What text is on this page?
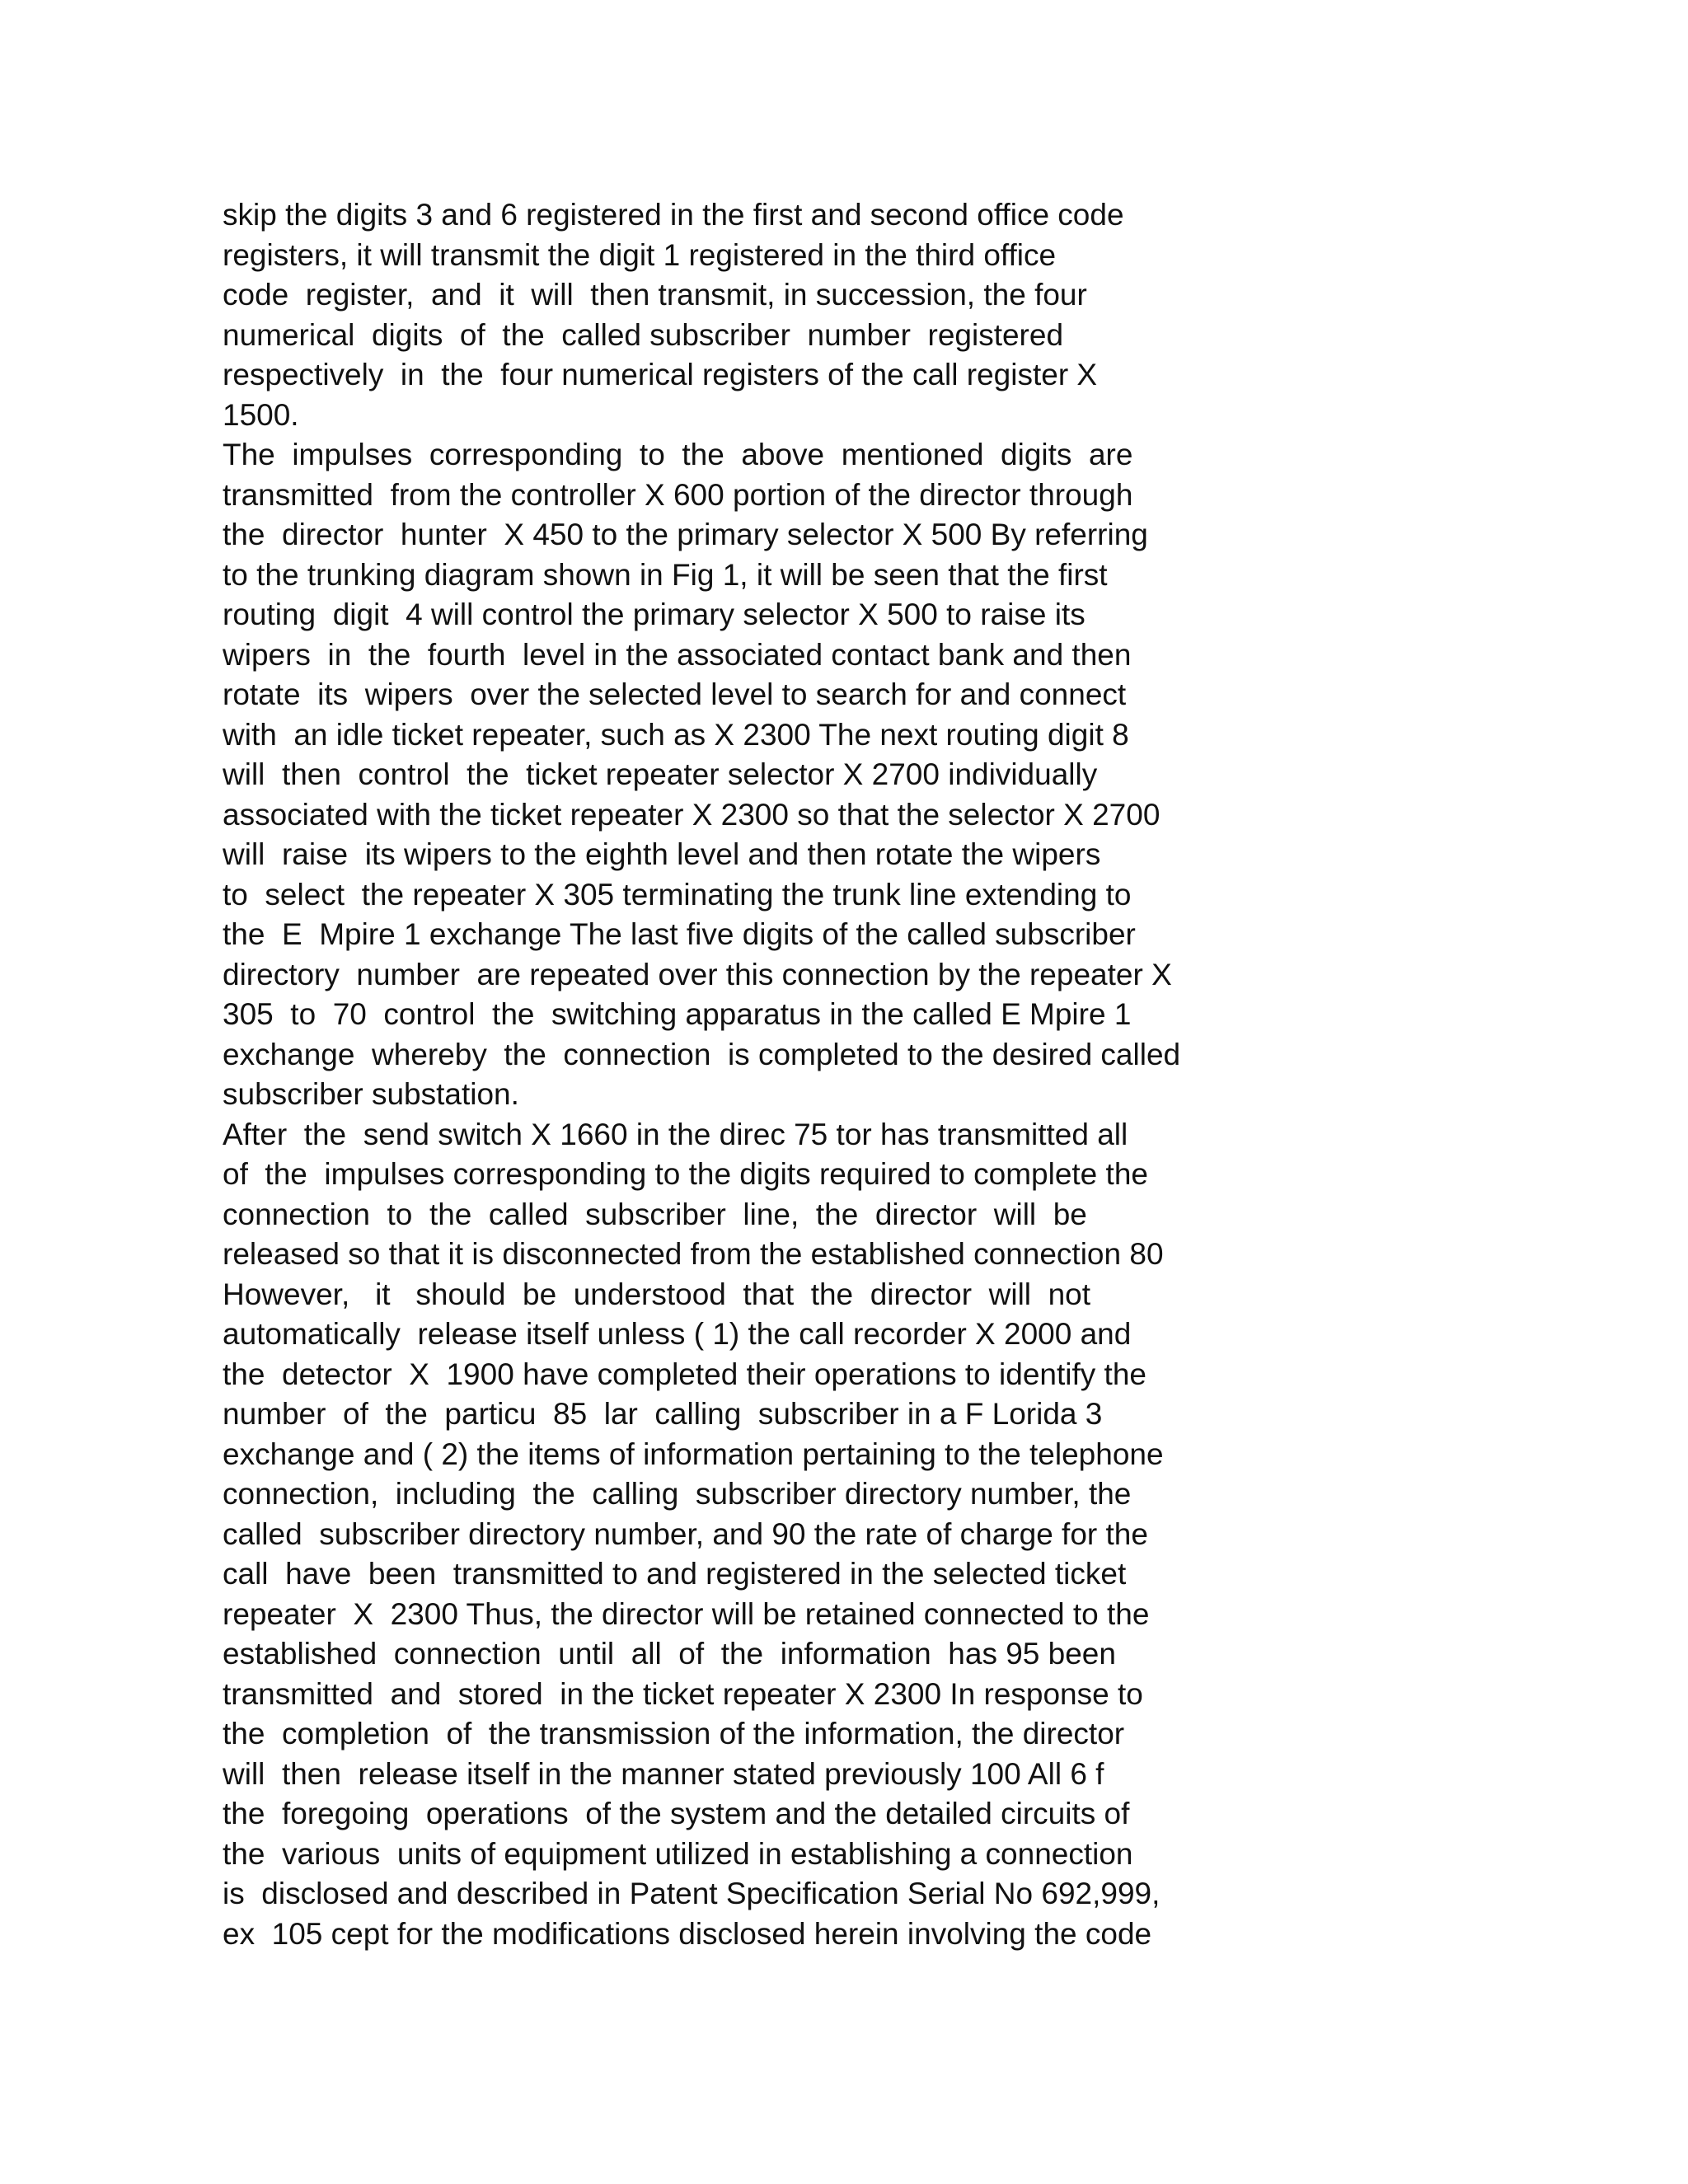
skip the digits 3 and 6 registered in the first and second office code
registers, it will transmit the digit 1 registered in the third office
code  register,  and  it  will  then transmit, in succession, the four
numerical  digits  of  the  called subscriber  number  registered
respectively  in  the  four numerical registers of the call register X
1500.
The  impulses  corresponding  to  the  above  mentioned  digits  are
transmitted  from the controller X 600 portion of the director through
the  director  hunter  X 450 to the primary selector X 500 By referring
to the trunking diagram shown in Fig 1, it will be seen that the first
routing  digit  4 will control the primary selector X 500 to raise its
wipers  in  the  fourth  level in the associated contact bank and then
rotate  its  wipers  over the selected level to search for and connect
with  an idle ticket repeater, such as X 2300 The next routing digit 8
will  then  control  the  ticket repeater selector X 2700 individually
associated with the ticket repeater X 2300 so that the selector X 2700
will  raise  its wipers to the eighth level and then rotate the wipers
to  select  the repeater X 305 terminating the trunk line extending to
the  E  Mpire 1 exchange The last five digits of the called subscriber
directory  number  are repeated over this connection by the repeater X
305  to  70  control  the  switching apparatus in the called E Mpire 1
exchange  whereby  the  connection  is completed to the desired called
subscriber substation.
After  the  send switch X 1660 in the direc 75 tor has transmitted all
of  the  impulses corresponding to the digits required to complete the
connection  to  the  called  subscriber  line,  the  director  will  be
released so that it is disconnected from the established connection 80
However,   it   should  be  understood  that  the  director  will  not
automatically  release itself unless ( 1) the call recorder X 2000 and
the  detector  X  1900 have completed their operations to identify the
number  of  the  particu  85  lar  calling  subscriber in a F Lorida 3
exchange and ( 2) the items of information pertaining to the telephone
connection,  including  the  calling  subscriber directory number, the
called  subscriber directory number, and 90 the rate of charge for the
call  have  been  transmitted to and registered in the selected ticket
repeater  X  2300 Thus, the director will be retained connected to the
established  connection  until  all  of  the  information  has 95 been
transmitted  and  stored  in the ticket repeater X 2300 In response to
the  completion  of  the transmission of the information, the director
will  then  release itself in the manner stated previously 100 All 6 f
the  foregoing  operations  of the system and the detailed circuits of
the  various  units of equipment utilized in establishing a connection
is  disclosed and described in Patent Specification Serial No 692,999,
ex  105 cept for the modifications disclosed herein involving the code
